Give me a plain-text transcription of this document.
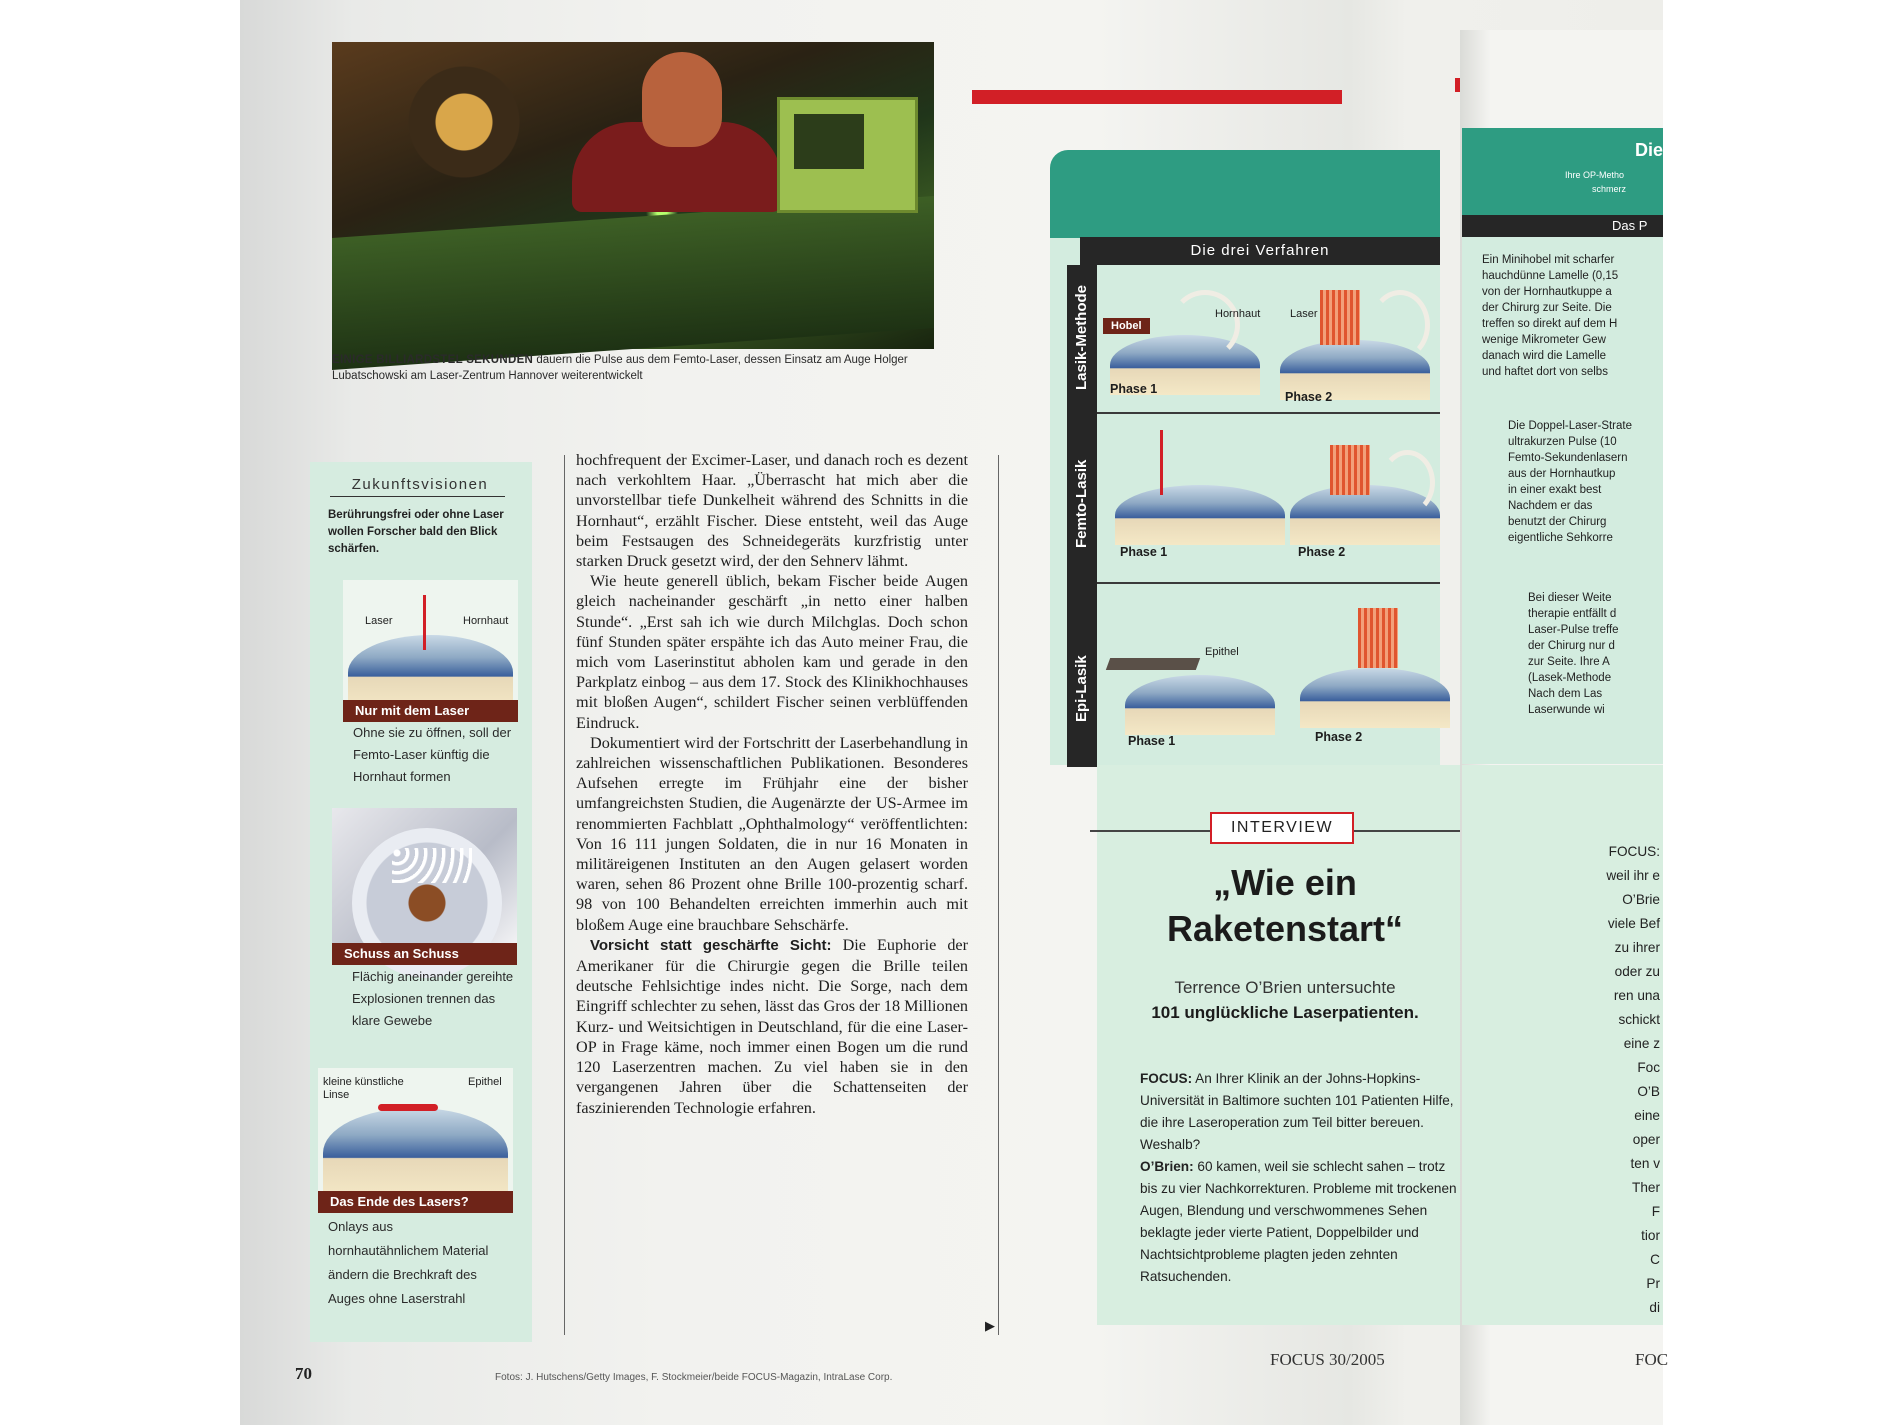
EINIGE BILLIARDSTEL SEKUNDEN dauern die Pulse aus dem Femto-Laser, dessen Einsatz am Auge Holger Lubatschowski am Laser-Zentrum Hannover weiterentwickelt
Zukunftsvisionen
Berührungsfrei oder ohne Laser wollen Forscher bald den Blick schärfen.
Laser	Hornhaut
Nur mit dem Laser
Ohne sie zu öffnen, soll der Femto-Laser künftig die Hornhaut formen
Schuss an Schuss
Flächig aneinander gereihte Explosionen trennen das klare Gewebe
kleine künstliche Linse
Epithel
Das Ende des Lasers?
Onlays aus hornhautähnlichem Material ändern die Brechkraft des Auges ohne Laserstrahl

hochfrequent der Excimer-Laser, und danach roch es dezent nach verkohltem Haar. „Überrascht hat mich aber die unvorstellbar tiefe Dunkelheit während des Schnitts in die Hornhaut“, erzählt Fischer. Diese entsteht, weil das Auge beim Festsaugen des Schneidegeräts kurzfristig unter starken Druck gesetzt wird, der den Sehnerv lähmt.

Wie heute generell üblich, bekam Fischer beide Augen gleich nacheinander geschärft „in netto einer halben Stunde“. „Erst sah ich wie durch Milchglas. Doch schon fünf Stunden später erspähte ich das Auto meiner Frau, die mich vom Laserinstitut abholen kam und gerade in den Parkplatz einbog – aus dem 17. Stock des Klinikhochhauses mit bloßen Augen“, schildert Fischer seinen verblüffenden Eindruck.

Dokumentiert wird der Fortschritt der Laserbehandlung in zahlreichen wissenschaftlichen Publikationen. Besonderes Aufsehen erregte im Frühjahr eine der bisher umfangreichsten Studien, die Augenärzte der US-Armee im renommierten Fachblatt „Ophthalmology“ veröffentlichten: Von 16 111 jungen Soldaten, die in nur 16 Monaten in militäreigenen Instituten an den Augen gelasert worden waren, sehen 86 Prozent ohne Brille 100-prozentig scharf. 98 von 100 Behandelten erreichten immerhin auch mit bloßem Auge eine brauchbare Sehschärfe.

Vorsicht statt geschärfte Sicht: Die Euphorie der Amerikaner für die Chirurgie gegen die Brille teilen deutsche Fehlsichtige indes nicht. Die Sorge, nach dem Eingriff schlechter zu sehen, lässt das Gros der 18 Millionen Kurz- und Weitsichtigen in Deutschland, für die eine Laser-OP in Frage käme, noch immer einen Bogen um die rund 120 Laserzentren machen. Zu viel haben sie in den vergangenen Jahren über die Schattenseiten der faszinierenden Technologie erfahren.

▶
Die drei Verfahren
Lasik-Methode
Femto-Lasik
Epi-Lasik
Hobel
Hornhaut
Phase 1
Laser
Phase 2
Phase 1	Phase 2
Epithel
Phase 1	Phase 2
INTERVIEW
„Wie ein Raketenstart“
Terrence O’Brien untersuchte
101 unglückliche Laserpatienten.

FOCUS: An Ihrer Klinik an der Johns-Hopkins-Universität in Baltimore suchten 101 Patienten Hilfe, die ihre Laseroperation zum Teil bitter bereuen. Weshalb?

O’Brien: 60 kamen, weil sie schlecht sahen – trotz bis zu vier Nachkorrekturen. Probleme mit trockenen Augen, Blendung und verschwommenes Sehen beklagte jeder vierte Patient, Doppelbilder und Nachtsichtprobleme plagten jeden zehnten Ratsuchenden.

Die
Ihre OP-Metho
schmerz
Das P
Ein Minihobel mit scharfer
hauchdünne Lamelle (0,15
von der Hornhautkuppe a
der Chirurg zur Seite. Die
treffen so direkt auf dem H
wenige Mikrometer Gew
danach wird die Lamelle
und haftet dort von selbs
Die Doppel-Laser-Strate
ultrakurzen Pulse (10
Femto-Sekundenlasern
aus der Hornhautkup
in einer exakt best
Nachdem er das
benutzt der Chirurg
eigentliche Sehkorre
Bei dieser Weite
therapie entfällt d
Laser-Pulse treffe
der Chirurg nur d
zur Seite. Ihre A
(Lasek-Methode
Nach dem Las
Laserwunde wi
FOCUS:
weil ihr e
O’Brie
viele Bef
zu ihrer
oder zu
ren una
schickt
eine z
Foc
O’B
eine
oper
ten v
Ther
F
tior
C
Pr
di
70	Fotos: J. Hutschens/Getty Images, F. Stockmeier/beide FOCUS-Magazin, IntraLase Corp.
FOCUS 30/2005	FOC
